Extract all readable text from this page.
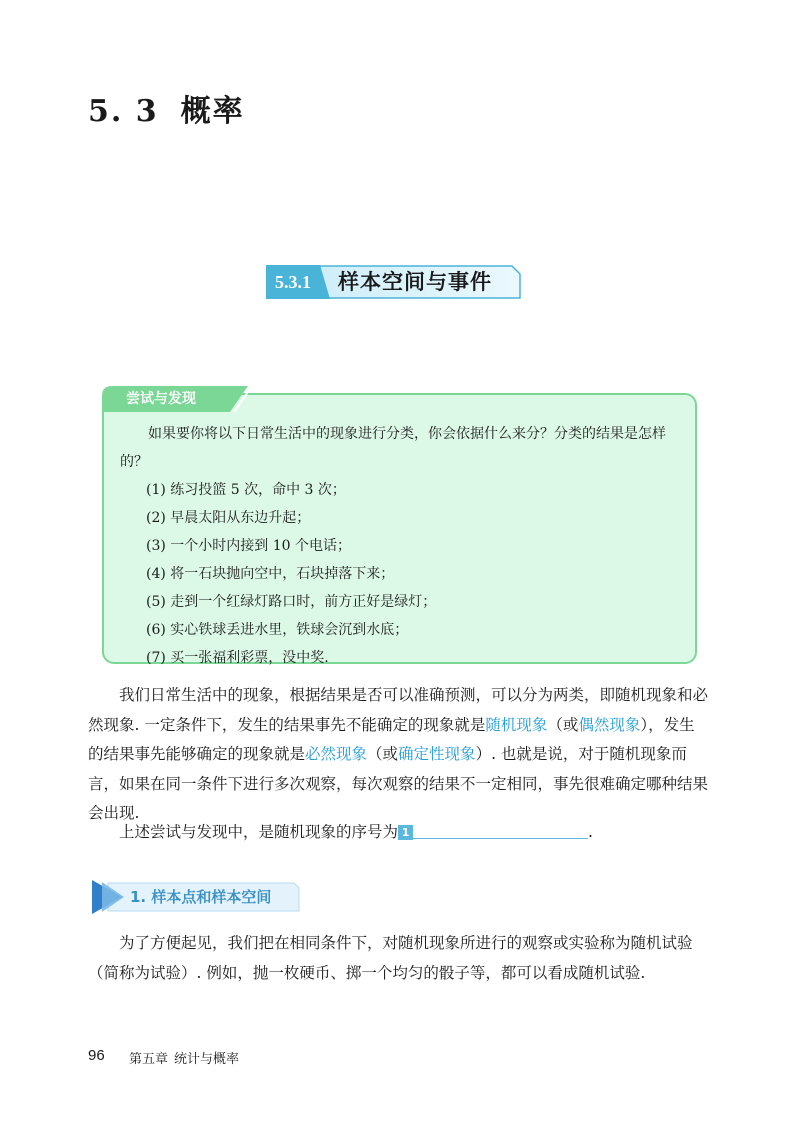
5. 3 概率
5.3.1	样本空间与事件
尝试与发现

如果要你将以下日常生活中的现象进行分类，你会依据什么来分？分类的结果是怎样的？

(1) 练习投篮 5 次，命中 3 次；
(2) 早晨太阳从东边升起；
(3) 一个小时内接到 10 个电话；
(4) 将一石块抛向空中，石块掉落下来；
(5) 走到一个红绿灯路口时，前方正好是绿灯；
(6) 实心铁球丢进水里，铁球会沉到水底；
(7) 买一张福利彩票，没中奖.

我们日常生活中的现象，根据结果是否可以准确预测，可以分为两类，即随机现象和必然现象. 一定条件下，发生的结果事先不能确定的现象就是随机现象（或偶然现象），发生的结果事先能够确定的现象就是必然现象（或确定性现象）. 也就是说，对于随机现象而言，如果在同一条件下进行多次观察，每次观察的结果不一定相同，事先很难确定哪种结果会出现.

上述尝试与发现中，是随机现象的序号为 1	.

1. 样本点和样本空间

为了方便起见，我们把在相同条件下，对随机现象所进行的观察或实验称为随机试验（简称为试验）. 例如，抛一枚硬币、掷一个均匀的骰子等，都可以看成随机试验.

96 第五章 统计与概率
